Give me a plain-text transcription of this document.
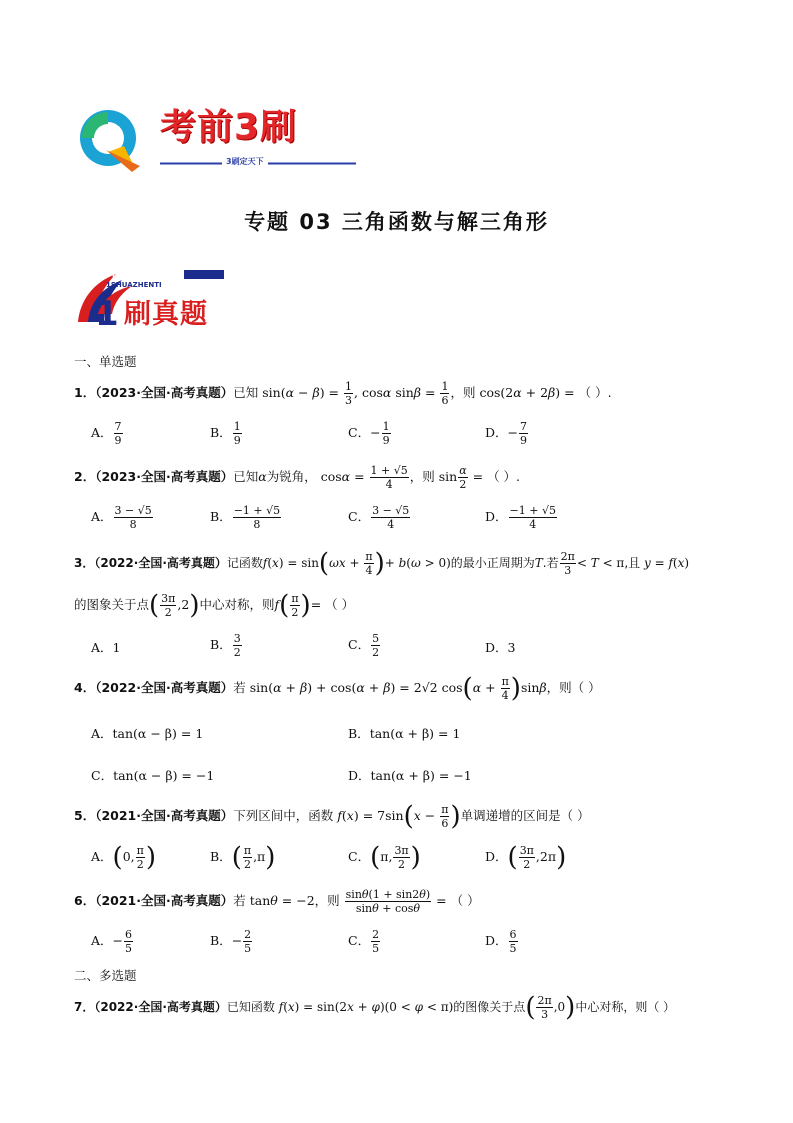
考前3刷
3刷定天下
专题 03 三角函数与解三角形
ISZT
1SHUAZHENTI
1 刷真题
一、单选题
1．（2023·全国·高考真题）已知 $\sin(\alpha - \beta) = \frac{1}{3}$ , cosα $\sin\beta = \frac{1}{6}$ ，则 cos(2α + 2β) = （ ）.
A． $\frac{7}{9}$	B． $\frac{1}{9}$	C．− $\frac{1}{9}$	D．− $\frac{7}{9}$
2．（2023·全国·高考真题）已知α为锐角， $\cos\alpha = \frac{1 + √5}{4}$ ，则 $\sin \frac{\alpha}{2}$ = （ ）.
A． $\frac{3 - √5}{8}$	B． $\frac{-1 + √5}{8}$	C． $\frac{3 - √5}{4}$	D． $\frac{-1 + √5}{4}$
3．（2022·全国·高考真题）记函数$f(x) = \sin(\omega x + \frac{\pi}{4}$ )+ b(ω > 0)的最小正周期为T.若 $\frac{2\pi}{3} < T < \pi$,且 y = f(x)
的图象关于点( $\frac{3\pi}{2} ,2$)中心对称，则$f( \frac{\pi}{2}$ )= （ ）
A．1	B． $\frac{3}{2}$	C． $\frac{5}{2}$	D．3
4．（2022·全国·高考真题）若 sin(α + β) + cos(α + β) = 2√2 $\cos(\alpha + \frac{\pi}{4} )\sin\beta$，则（ ）
A．tan(α − β) = 1	B．tan(α + β) = 1
C．tan(α − β) = −1	D．tan(α + β) = −1
5．（2021·全国·高考真题）下列区间中，函数 $f(x) = 7\sin(x - \frac{\pi}{6}$ )单调递增的区间是（ ）
A．(0, $\frac{\pi}{2}$ )	B．( $\frac{\pi}{2} ,\pi$)	C．(π, $\frac{3\pi}{2}$ )	D．( $\frac{3\pi}{2} ,2\pi$)
6．（2021·全国·高考真题）若 tanθ = −2，则 $\frac{\sin\theta(1 + \sin 2\theta)}{\sin\theta + \cos\theta}$ = （ ）
A．− $\frac{6}{5}$	B．− $\frac{2}{5}$	C． $\frac{2}{5}$	D． $\frac{6}{5}$
二、多选题
7．（2022·全国·高考真题）已知函数 f(x) = sin(2x + φ)(0 < φ < π)的图像关于点( $\frac{2\pi}{3} ,0$)中心对称，则（ ）
